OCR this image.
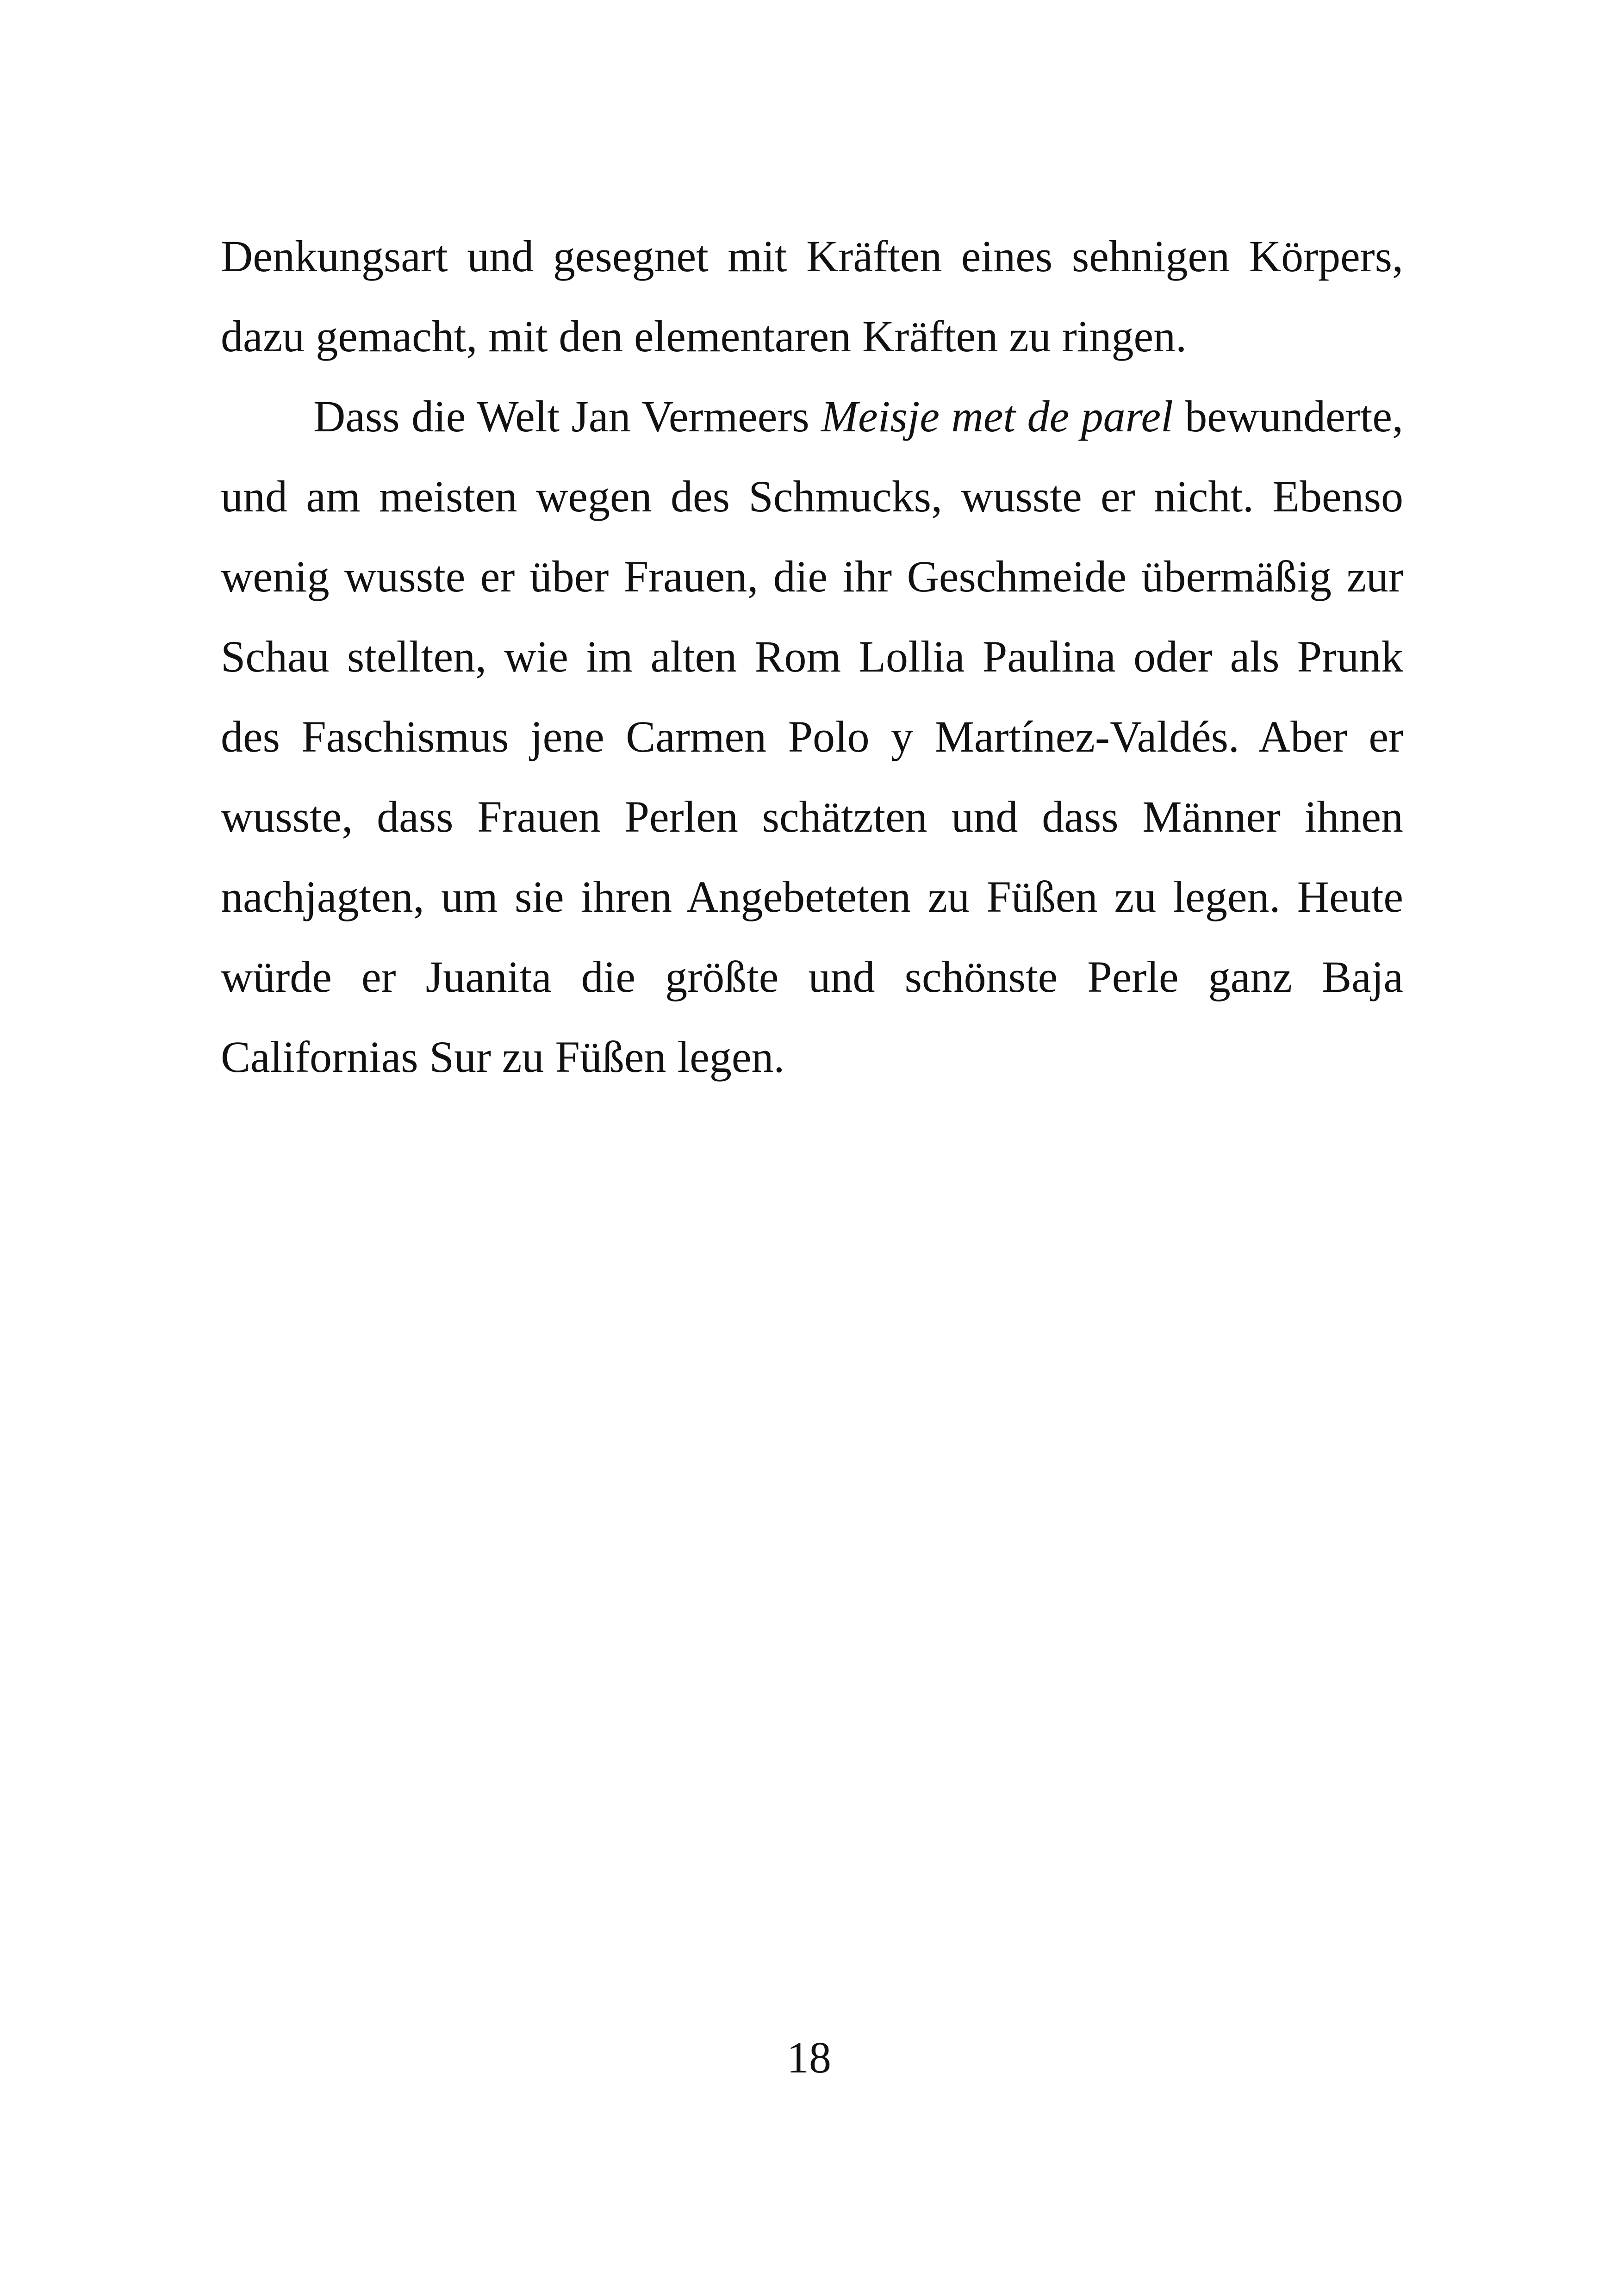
Denkungsart und gesegnet mit Kräften eines sehnigen Körpers, dazu gemacht, mit den elementaren Kräften zu ringen.

Dass die Welt Jan Vermeers Meisje met de parel bewunderte, und am meisten wegen des Schmucks, wusste er nicht. Ebenso wenig wusste er über Frauen, die ihr Geschmeide übermäßig zur Schau stellten, wie im alten Rom Lollia Paulina oder als Prunk des Faschismus jene Carmen Polo y Martínez-Valdés. Aber er wusste, dass Frauen Perlen schätzten und dass Männer ihnen nachjagten, um sie ihren Angebeteten zu Füßen zu legen. Heute würde er Juanita die größte und schönste Perle ganz Baja Californias Sur zu Füßen legen.

18
